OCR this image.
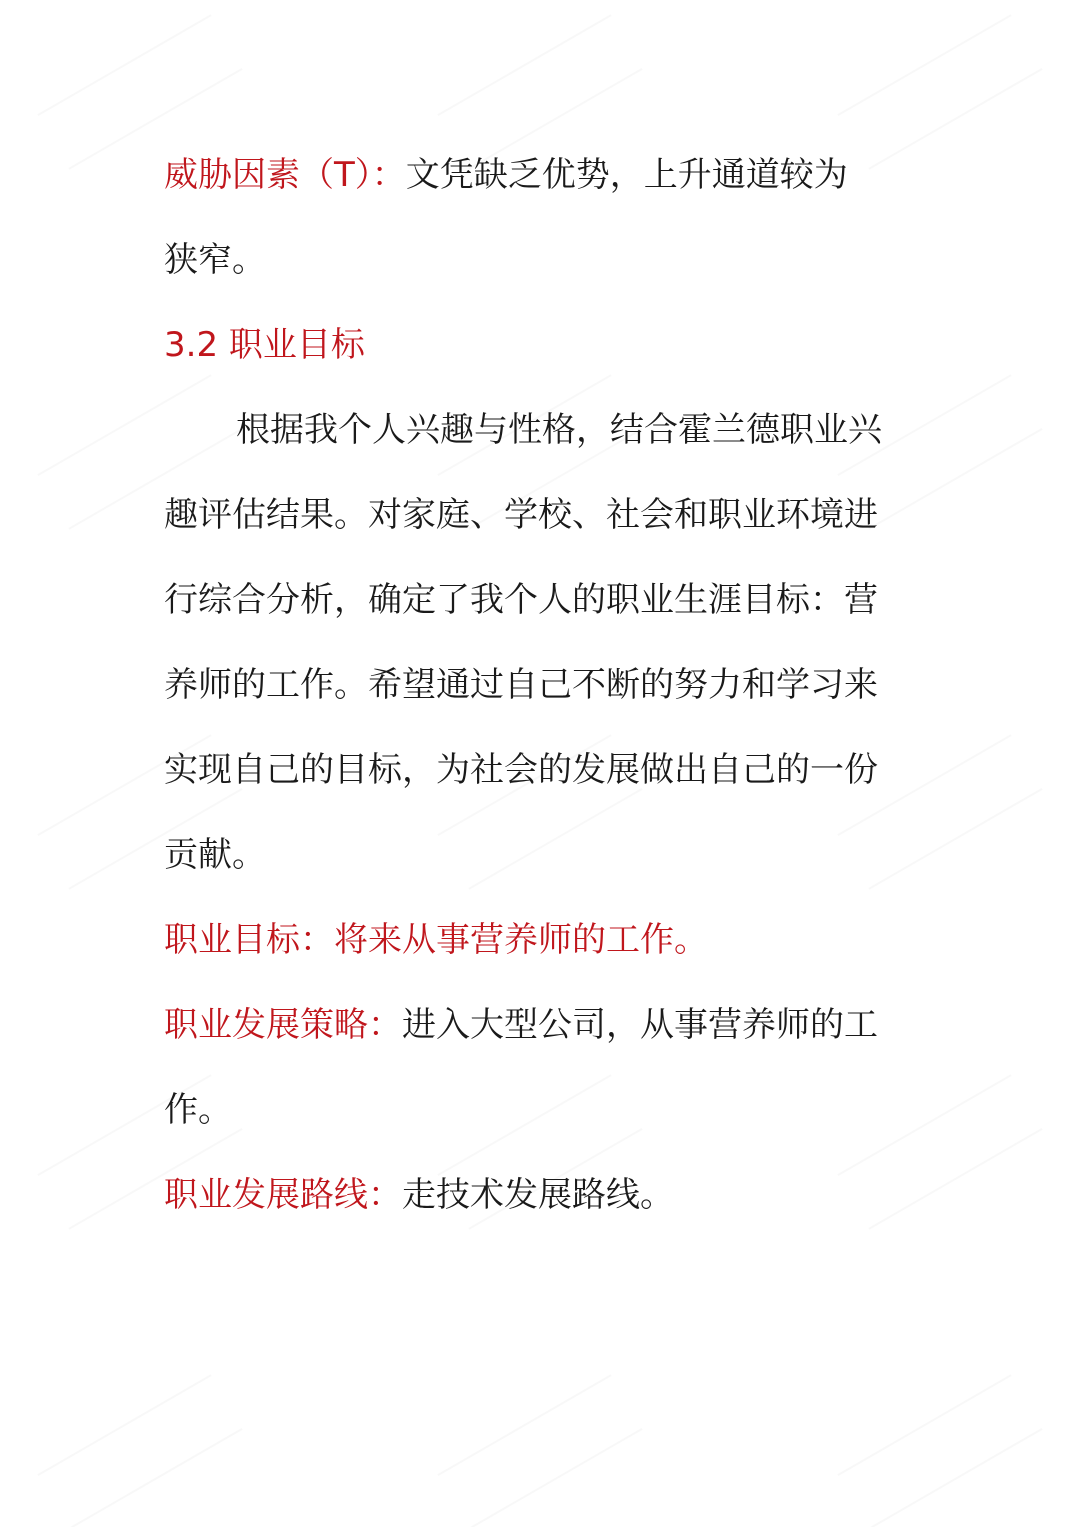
威胁因素（T）：文凭缺乏优势，上升通道较为
狭窄。
3.2 职业目标
根据我个人兴趣与性格，结合霍兰德职业兴
趣评估结果。对家庭、学校、社会和职业环境进
行综合分析，确定了我个人的职业生涯目标：营
养师的工作。希望通过自己不断的努力和学习来
实现自己的目标，为社会的发展做出自己的一份
贡献。
职业目标：将来从事营养师的工作。
职业发展策略：进入大型公司，从事营养师的工
作。
职业发展路线：走技术发展路线。
